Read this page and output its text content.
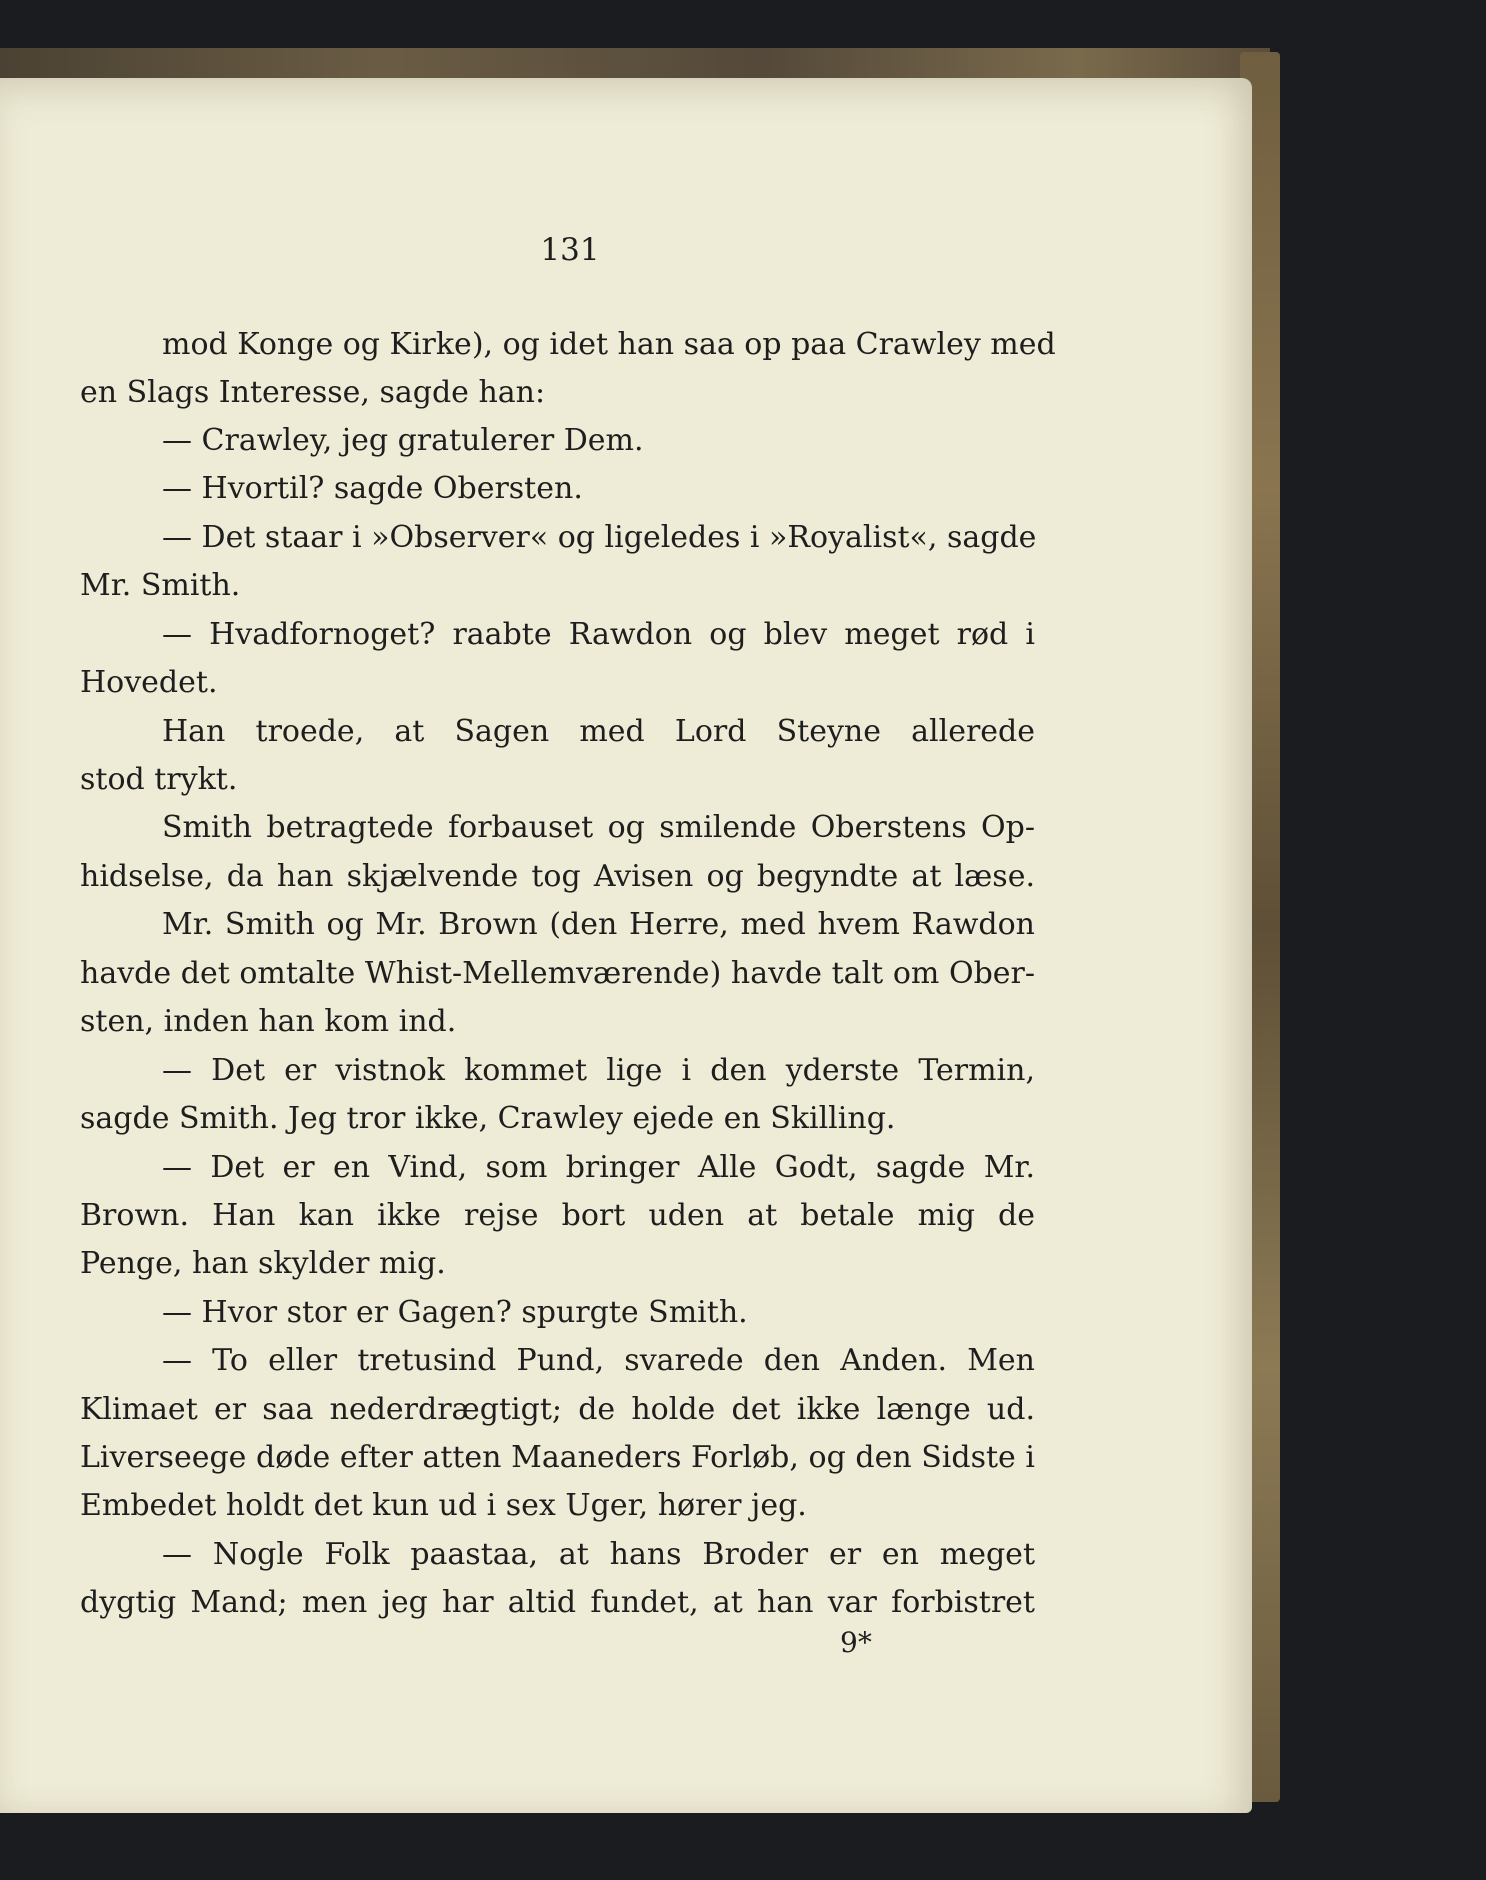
131
mod Konge og Kirke), og idet han saa op paa Crawley med
en Slags Interesse, sagde han:
— Crawley, jeg gratulerer Dem.
— Hvortil? sagde Obersten.
— Det staar i »Observer« og ligeledes i »Royalist«, sagde
Mr. Smith.
— Hvadfornoget? raabte Rawdon og blev meget rød i
Hovedet.
Han troede, at Sagen med Lord Steyne allerede
stod trykt.
Smith betragtede forbauset og smilende Oberstens Op-
hidselse, da han skjælvende tog Avisen og begyndte at læse.
Mr. Smith og Mr. Brown (den Herre, med hvem Rawdon
havde det omtalte Whist-Mellemværende) havde talt om Ober-
sten, inden han kom ind.
— Det er vistnok kommet lige i den yderste Termin,
sagde Smith. Jeg tror ikke, Crawley ejede en Skilling.
— Det er en Vind, som bringer Alle Godt, sagde Mr.
Brown. Han kan ikke rejse bort uden at betale mig de
Penge, han skylder mig.
— Hvor stor er Gagen? spurgte Smith.
— To eller tretusind Pund, svarede den Anden. Men
Klimaet er saa nederdrægtigt; de holde det ikke længe ud.
Liverseege døde efter atten Maaneders Forløb, og den Sidste i
Embedet holdt det kun ud i sex Uger, hører jeg.
— Nogle Folk paastaa, at hans Broder er en meget
dygtig Mand; men jeg har altid fundet, at han var forbistret
9*
